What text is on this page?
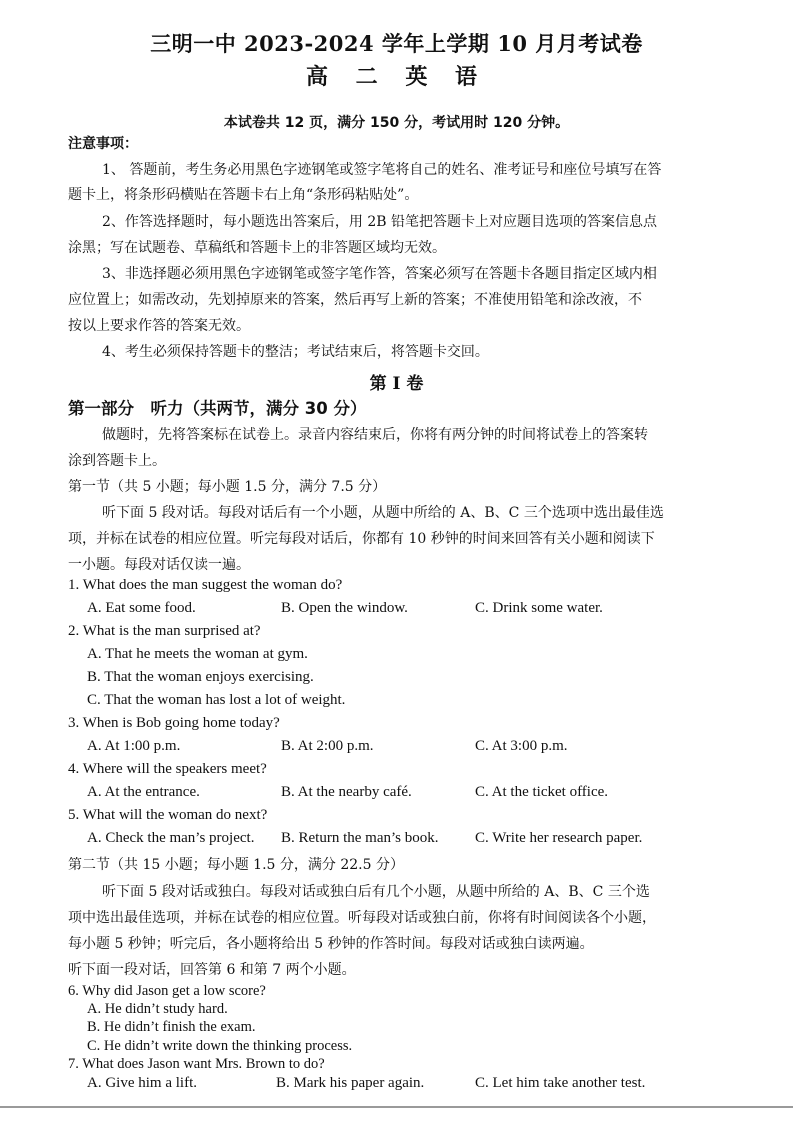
三明一中 2023-2024 学年上学期 10 月月考试卷
高 二 英 语
本试卷共 12 页，满分 150 分，考试用时 120 分钟。
注意事项：
1、 答题前，考生务必用黑色字迹钢笔或签字笔将自己的姓名、准考证号和座位号填写在答
题卡上，将条形码横贴在答题卡右上角“条形码粘贴处”。
2、作答选择题时，每小题选出答案后，用 2B 铅笔把答题卡上对应题目选项的答案信息点
涂黑；写在试题卷、草稿纸和答题卡上的非答题区域均无效。
3、非选择题必须用黑色字迹钢笔或签字笔作答，答案必须写在答题卡各题目指定区域内相
应位置上；如需改动，先划掉原来的答案，然后再写上新的答案；不准使用铅笔和涂改液，不
按以上要求作答的答案无效。
4、考生必须保持答题卡的整洁；考试结束后，将答题卡交回。
第 I 卷
第一部分　听力（共两节，满分 30 分）
做题时，先将答案标在试卷上。录音内容结束后，你将有两分钟的时间将试卷上的答案转
涂到答题卡上。
第一节（共 5 小题；每小题 1.5 分，满分 7.5 分）
听下面 5 段对话。每段对话后有一个小题，从题中所给的 A、B、C 三个选项中选出最佳选
项，并标在试卷的相应位置。听完每段对话后，你都有 10 秒钟的时间来回答有关小题和阅读下
一小题。每段对话仅读一遍。
1. What does the man suggest the woman do?
A. Eat some food.	B. Open the window.	C. Drink some water.
2. What is the man surprised at?
A. That he meets the woman at gym.
B. That the woman enjoys exercising.
C. That the woman has lost a lot of weight.
3. When is Bob going home today?
A. At 1:00 p.m.	B. At 2:00 p.m.	C. At 3:00 p.m.
4. Where will the speakers meet?
A. At the entrance.	B. At the nearby café.	C. At the ticket office.
5. What will the woman do next?
A. Check the man’s project. B. Return the man’s book. C. Write her research paper.
第二节（共 15 小题；每小题 1.5 分，满分 22.5 分）
听下面 5 段对话或独白。每段对话或独白后有几个小题，从题中所给的 A、B、C 三个选
项中选出最佳选项，并标在试卷的相应位置。听每段对话或独白前，你将有时间阅读各个小题，
每小题 5 秒钟；听完后，各小题将给出 5 秒钟的作答时间。每段对话或独白读两遍。
听下面一段对话，回答第 6 和第 7 两个小题。
6. Why did Jason get a low score?
A. He didn’t study hard.
B. He didn’t finish the exam.
C. He didn’t write down the thinking process.
7. What does Jason want Mrs. Brown to do?
A. Give him a lift.	B. Mark his paper again.	C. Let him take another test.
